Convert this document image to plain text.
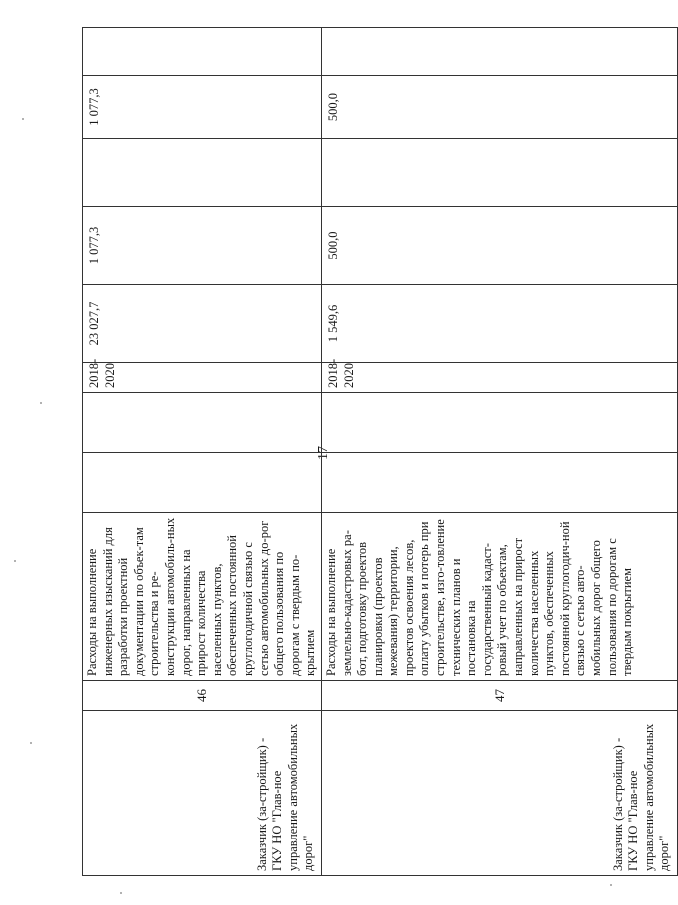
17
Заказчик (за-стройщик) - ГКУ НО "Глав-ное управление автомобильных дорог"	46	Расходы на выполнение инженерных изысканий для разработки проектной документации по объек-там строительства и ре-конструкции автомобиль-ных дорог, направленных на прирост количества населенных пунктов, обеспеченных постоянной круглогодичной связью с сетью автомобильных до-рог общего пользования по дорогам с твердым по-крытием			2018-2020	23 027,7	1 077,3		1 077,3	

Заказчик (за-стройщик) - ГКУ НО "Глав-ное управление автомобильных дорог"	47	Расходы на выполнение землельно-кадастровых ра-бот, подготовку проектов планировки (проектов межевания) территории, проектов освоения лесов, оплату убытков и потерь при строительстве, изго-товление технических планов и постановка на государственный кадаст-ровый учет по объектам, направленных на прирост количества населенных пунктов, обеспеченных постоянной круглогодич-ной связью с сетью авто-мобильных дорог общего пользования по дорогам с твердым покрытием			2018-2020	1 549,6	500,0		500,0	
